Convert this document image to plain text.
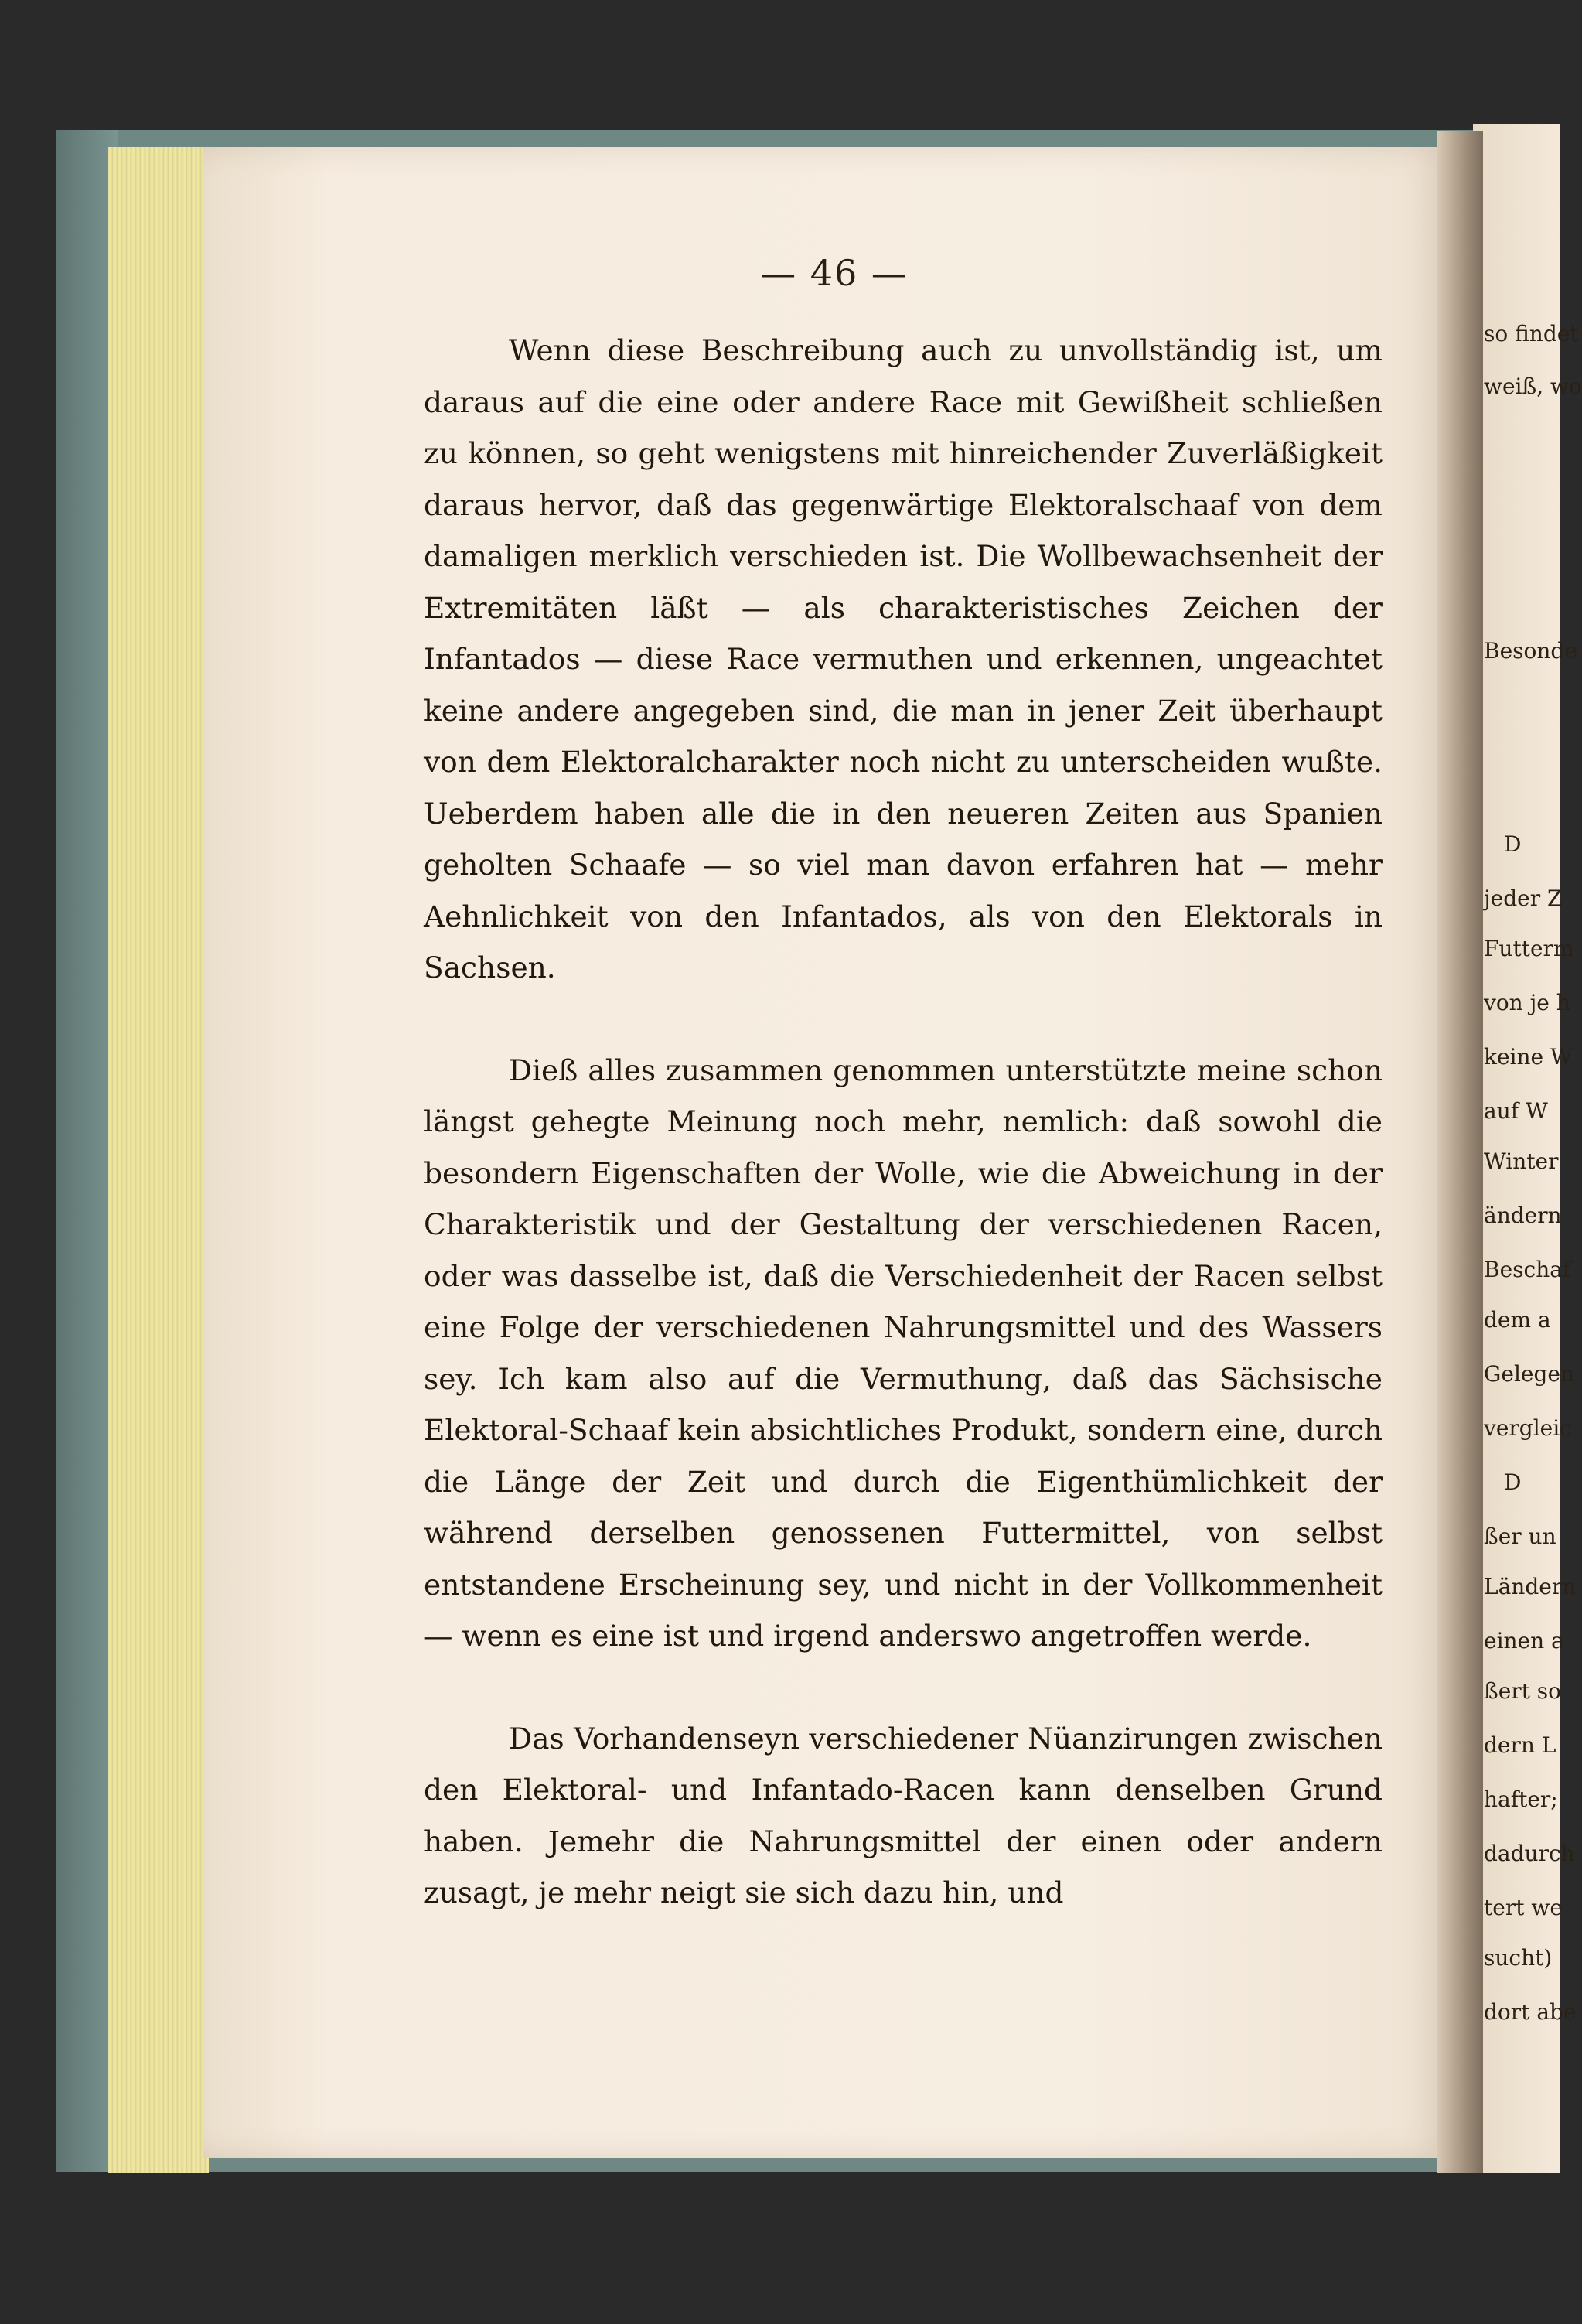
so findet
weiß, wo
Besonde
D
jeder Z
Futterm
von je h
keine W
auf W
Winter
ändern
Beschaf
dem a
Gelegen
vergleic
D
ßer un
Ländern
einen a
ßert so
dern L
hafter;
dadurch
tert we
sucht)
dort abe
— 46 —

Wenn diese Beschreibung auch zu unvollständig ist, um daraus auf die eine oder andere Race mit Gewißheit schließen zu können, so geht wenigstens mit hinreichender Zuverläßigkeit daraus hervor, daß das gegenwärtige Elektoralschaaf von dem damaligen merklich verschieden ist. Die Wollbewachsenheit der Extremitäten läßt — als charakteristisches Zeichen der Infantados — diese Race vermuthen und erkennen, ungeachtet keine andere angegeben sind, die man in jener Zeit überhaupt von dem Elektoralcharakter noch nicht zu unterscheiden wußte. Ueberdem haben alle die in den neueren Zeiten aus Spanien geholten Schaafe — so viel man davon erfahren hat — mehr Aehnlichkeit von den Infantados, als von den Elektorals in Sachsen.

Dieß alles zusammen genommen unterstützte meine schon längst gehegte Meinung noch mehr, nemlich: daß sowohl die besondern Eigenschaften der Wolle, wie die Abweichung in der Charakteristik und der Gestaltung der verschiedenen Racen, oder was dasselbe ist, daß die Verschiedenheit der Racen selbst eine Folge der verschiedenen Nahrungsmittel und des Wassers sey. Ich kam also auf die Vermuthung, daß das Sächsische Elektoral-Schaaf kein absichtliches Produkt, sondern eine, durch die Länge der Zeit und durch die Eigenthümlichkeit der während derselben genossenen Futtermittel, von selbst entstandene Erscheinung sey, und nicht in der Vollkommenheit — wenn es eine ist und irgend anderswo angetroffen werde.

Das Vorhandenseyn verschiedener Nüanzirungen zwischen den Elektoral- und Infantado-Racen kann denselben Grund haben. Jemehr die Nahrungsmittel der einen oder andern zusagt, je mehr neigt sie sich dazu hin, und
